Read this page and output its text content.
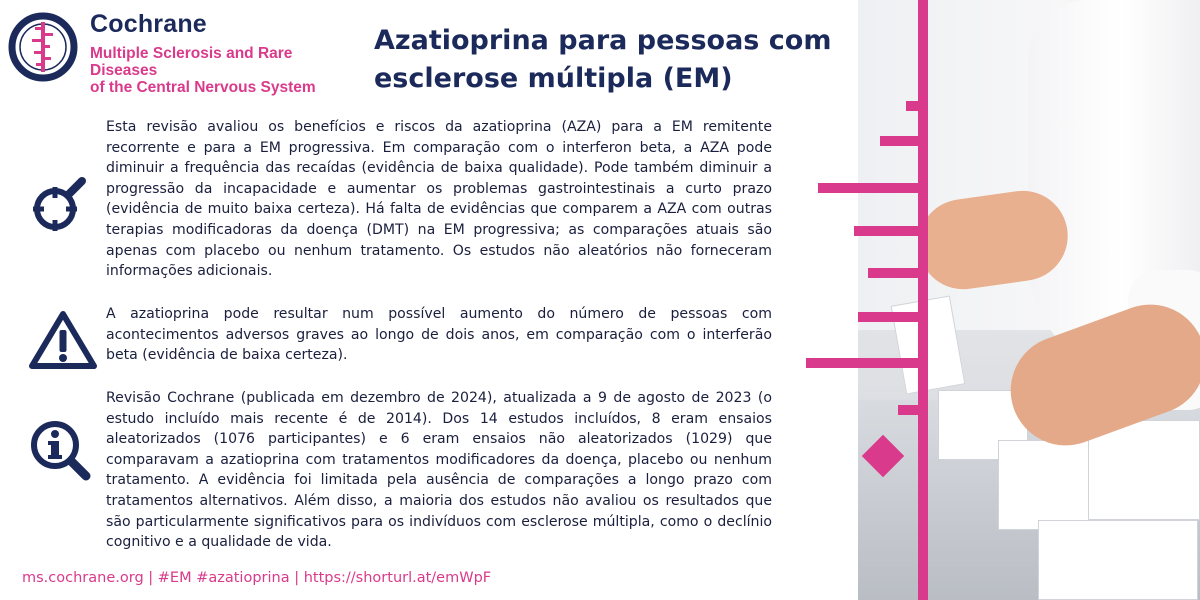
Cochrane
Multiple Sclerosis and Rare Diseases
of the Central Nervous System
Azatioprina para pessoas com
esclerose múltipla (EM)

Esta revisão avaliou os benefícios e riscos da azatioprina (AZA) para a EM remitente recorrente e para a EM progressiva. Em comparação com o interferon beta, a AZA pode diminuir a frequência das recaídas (evidência de baixa qualidade). Pode também diminuir a progressão da incapacidade e aumentar os problemas gastrointestinais a curto prazo (evidência de muito baixa certeza). Há falta de evidências que comparem a AZA com outras terapias modificadoras da doença (DMT) na EM progressiva; as comparações atuais são apenas com placebo ou nenhum tratamento. Os estudos não aleatórios não forneceram informações adicionais.

A azatioprina pode resultar num possível aumento do número de pessoas com acontecimentos adversos graves ao longo de dois anos, em comparação com o interferão beta (evidência de baixa certeza).

Revisão Cochrane (publicada em dezembro de 2024), atualizada a 9 de agosto de 2023 (o estudo incluído mais recente é de 2014). Dos 14 estudos incluídos, 8 eram ensaios aleatorizados (1076 participantes) e 6 eram ensaios não aleatorizados (1029) que comparavam a azatioprina com tratamentos modificadores da doença, placebo ou nenhum tratamento. A evidência foi limitada pela ausência de comparações a longo prazo com tratamentos alternativos. Além disso, a maioria dos estudos não avaliou os resultados que são particularmente significativos para os indivíduos com esclerose múltipla, como o declínio cognitivo e a qualidade de vida.

ms.cochrane.org | #EM #azatioprina | https://shorturl.at/emWpF
